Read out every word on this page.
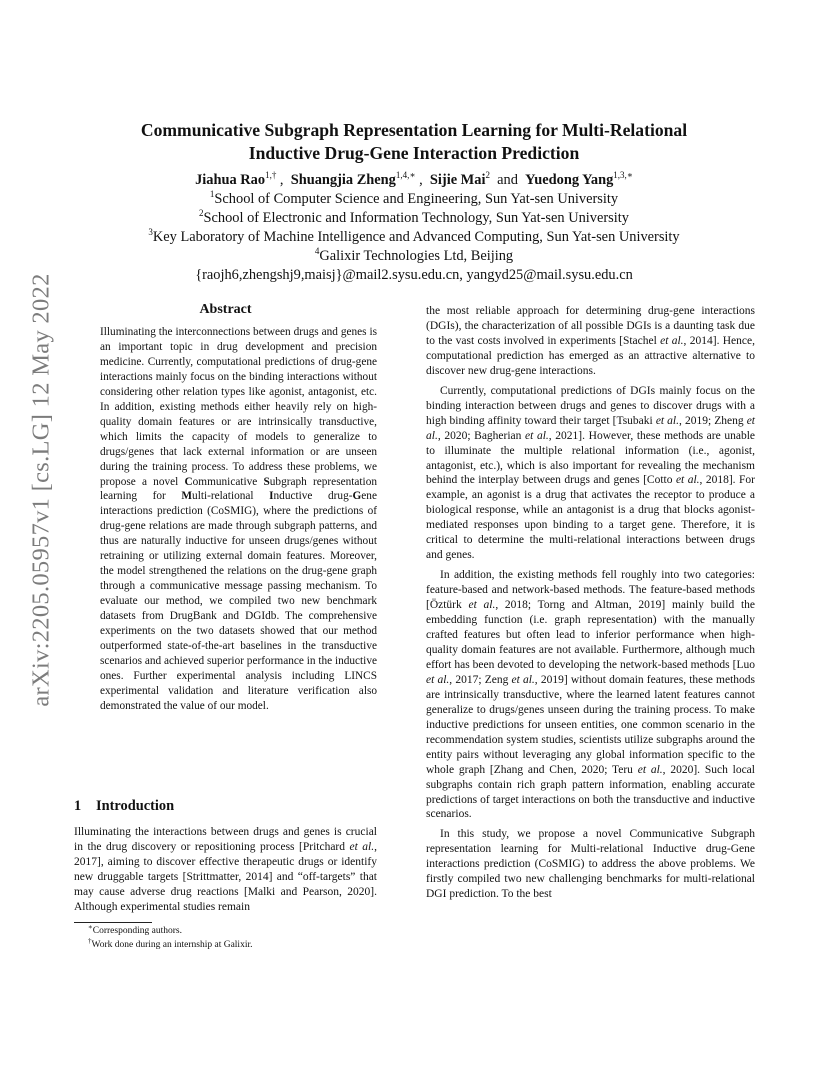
arXiv:2205.05957v1 [cs.LG] 12 May 2022
Communicative Subgraph Representation Learning for Multi-Relational
Inductive Drug-Gene Interaction Prediction
Jiahua Rao$^{1,\dagger}$ ,  Shuangjia Zheng$^{1,4,∗}$ ,  Sijie Mai$^2$ and Yuedong Yang$^{1,3,∗}$
$^1$School of Computer Science and Engineering, Sun Yat-sen University
$^2$School of Electronic and Information Technology, Sun Yat-sen University
$^3$Key Laboratory of Machine Intelligence and Advanced Computing, Sun Yat-sen University
$^4$Galixir Technologies Ltd, Beijing
{raojh6,zhengshj9,maisj}@mail2.sysu.edu.cn, yangyd25@mail.sysu.edu.cn
Abstract

Illuminating the interconnections between drugs and genes is an important topic in drug development and precision medicine. Currently, computational predictions of drug-gene interactions mainly focus on the binding interactions without considering other relation types like agonist, antagonist, etc. In addition, existing methods either heavily rely on high-quality domain features or are intrinsically transductive, which limits the capacity of models to generalize to drugs/genes that lack external information or are unseen during the training process. To address these problems, we propose a novel Communicative Subgraph representation learning for Multi-relational Inductive drug-Gene interactions prediction (CoSMIG), where the predictions of drug-gene relations are made through subgraph patterns, and thus are naturally inductive for unseen drugs/genes without retraining or utilizing external domain features. Moreover, the model strengthened the relations on the drug-gene graph through a communicative message passing mechanism. To evaluate our method, we compiled two new benchmark datasets from DrugBank and DGIdb. The comprehensive experiments on the two datasets showed that our method outperformed state-of-the-art baselines in the transductive scenarios and achieved superior performance in the inductive ones. Further experimental analysis including LINCS experimental validation and literature verification also demonstrated the value of our model.

1 Introduction

Illuminating the interactions between drugs and genes is crucial in the drug discovery or repositioning process [Pritchard et al., 2017], aiming to discover effective therapeutic drugs or identify new druggable targets [Strittmatter, 2014] and “off-targets” that may cause adverse drug reactions [Malki and Pearson, 2020]. Although experimental studies remain

∗Corresponding authors.
†Work done during an internship at Galixir.

the most reliable approach for determining drug-gene interactions (DGIs), the characterization of all possible DGIs is a daunting task due to the vast costs involved in experiments [Stachel et al., 2014]. Hence, computational prediction has emerged as an attractive alternative to discover new drug-gene interactions.

Currently, computational predictions of DGIs mainly focus on the binding interaction between drugs and genes to discover drugs with a high binding affinity toward their target [Tsubaki et al., 2019; Zheng et al., 2020; Bagherian et al., 2021]. However, these methods are unable to illuminate the multiple relational information (i.e., agonist, antagonist, etc.), which is also important for revealing the mechanism behind the interplay between drugs and genes [Cotto et al., 2018]. For example, an agonist is a drug that activates the receptor to produce a biological response, while an antagonist is a drug that blocks agonist-mediated responses upon binding to a target gene. Therefore, it is critical to determine the multi-relational interactions between drugs and genes.

In addition, the existing methods fell roughly into two categories: feature-based and network-based methods. The feature-based methods [Öztürk et al., 2018; Torng and Altman, 2019] mainly build the embedding function (i.e. graph representation) with the manually crafted features but often lead to inferior performance when high-quality domain features are not available. Furthermore, although much effort has been devoted to developing the network-based methods [Luo et al., 2017; Zeng et al., 2019] without domain features, these methods are intrinsically transductive, where the learned latent features cannot generalize to drugs/genes unseen during the training process. To make inductive predictions for unseen entities, one common scenario in the recommendation system studies, scientists utilize subgraphs around the entity pairs without leveraging any global information specific to the whole graph [Zhang and Chen, 2020; Teru et al., 2020]. Such local subgraphs contain rich graph pattern information, enabling accurate predictions of target interactions on both the transductive and inductive scenarios.

In this study, we propose a novel Communicative Subgraph representation learning for Multi-relational Inductive drug-Gene interactions prediction (CoSMIG) to address the above problems. We firstly compiled two new challenging benchmarks for multi-relational DGI prediction. To the best
